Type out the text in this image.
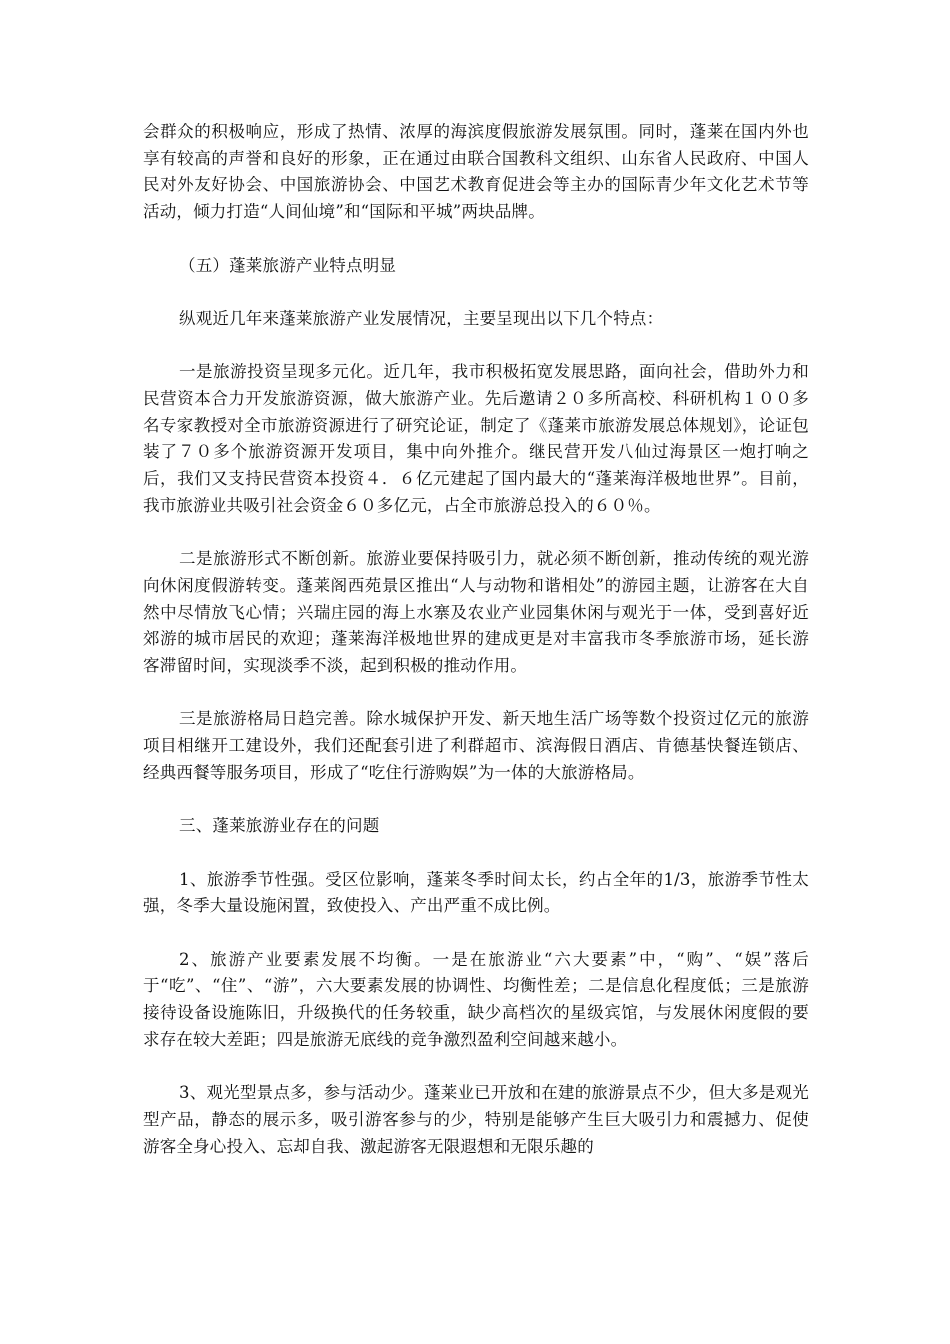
会群众的积极响应，形成了热情、浓厚的海滨度假旅游发展氛围。同时，蓬莱在国内外也享有较高的声誉和良好的形象，正在通过由联合国教科文组织、山东省人民政府、中国人民对外友好协会、中国旅游协会、中国艺术教育促进会等主办的国际青少年文化艺术节等活动，倾力打造“人间仙境”和“国际和平城”两块品牌。

（五）蓬莱旅游产业特点明显

纵观近几年来蓬莱旅游产业发展情况，主要呈现出以下几个特点：

一是旅游投资呈现多元化。近几年，我市积极拓宽发展思路，面向社会，借助外力和民营资本合力开发旅游资源，做大旅游产业。先后邀请２０多所高校、科研机构１００多名专家教授对全市旅游资源进行了研究论证，制定了《蓬莱市旅游发展总体规划》，论证包装了７０多个旅游资源开发项目，集中向外推介。继民营开发八仙过海景区一炮打响之后，我们又支持民营资本投资４．６亿元建起了国内最大的“蓬莱海洋极地世界”。目前，我市旅游业共吸引社会资金６０多亿元，占全市旅游总投入的６０％。

二是旅游形式不断创新。旅游业要保持吸引力，就必须不断创新，推动传统的观光游向休闲度假游转变。蓬莱阁西苑景区推出“人与动物和谐相处”的游园主题，让游客在大自然中尽情放飞心情；兴瑞庄园的海上水寨及农业产业园集休闲与观光于一体，受到喜好近郊游的城市居民的欢迎；蓬莱海洋极地世界的建成更是对丰富我市冬季旅游市场，延长游客滞留时间，实现淡季不淡，起到积极的推动作用。

三是旅游格局日趋完善。除水城保护开发、新天地生活广场等数个投资过亿元的旅游项目相继开工建设外，我们还配套引进了利群超市、滨海假日酒店、肯德基快餐连锁店、经典西餐等服务项目，形成了“吃住行游购娱”为一体的大旅游格局。

三、蓬莱旅游业存在的问题

1、旅游季节性强。受区位影响，蓬莱冬季时间太长，约占全年的1/3，旅游季节性太强，冬季大量设施闲置，致使投入、产出严重不成比例。

2、旅游产业要素发展不均衡。一是在旅游业“六大要素”中，“购”、“娱”落后于“吃”、“住”、“游”，六大要素发展的协调性、均衡性差；二是信息化程度低；三是旅游接待设备设施陈旧，升级换代的任务较重，缺少高档次的星级宾馆，与发展休闲度假的要求存在较大差距；四是旅游无底线的竞争激烈盈利空间越来越小。

3、观光型景点多，参与活动少。蓬莱业已开放和在建的旅游景点不少，但大多是观光型产品，静态的展示多，吸引游客参与的少，特别是能够产生巨大吸引力和震撼力、促使游客全身心投入、忘却自我、激起游客无限遐想和无限乐趣的
